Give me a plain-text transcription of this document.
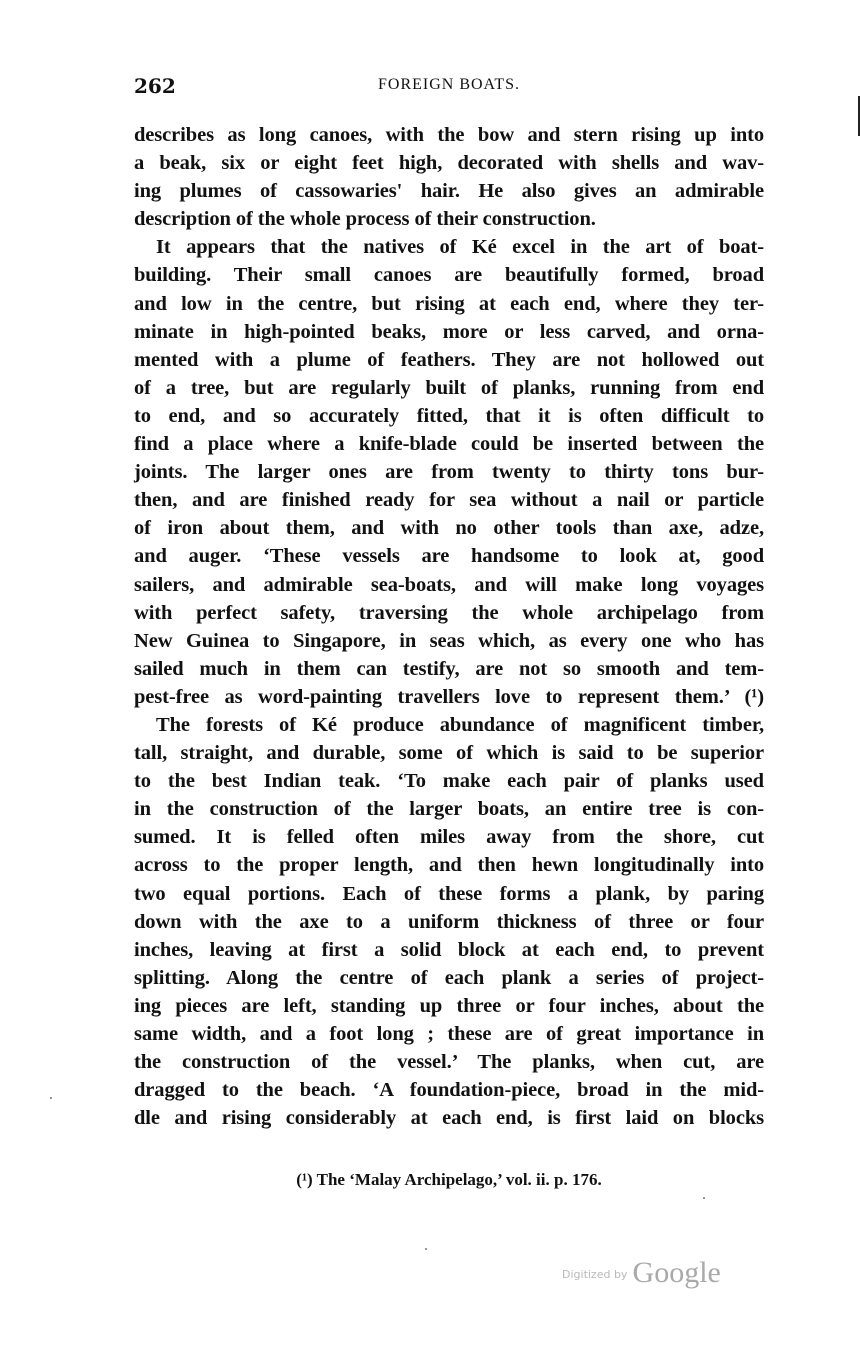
262	FOREIGN BOATS.
describes as long canoes, with the bow and stern rising up into
a beak, six or eight feet high, decorated with shells and wav-
ing plumes of cassowaries' hair. He also gives an admirable
description of the whole process of their construction.
It appears that the natives of Ké excel in the art of boat-
building. Their small canoes are beautifully formed, broad
and low in the centre, but rising at each end, where they ter-
minate in high-pointed beaks, more or less carved, and orna-
mented with a plume of feathers. They are not hollowed out
of a tree, but are regularly built of planks, running from end
to end, and so accurately fitted, that it is often difficult to
find a place where a knife-blade could be inserted between the
joints. The larger ones are from twenty to thirty tons bur-
then, and are finished ready for sea without a nail or particle
of iron about them, and with no other tools than axe, adze,
and auger. ‘These vessels are handsome to look at, good
sailers, and admirable sea-boats, and will make long voyages
with perfect safety, traversing the whole archipelago from
New Guinea to Singapore, in seas which, as every one who has
sailed much in them can testify, are not so smooth and tem-
pest-free as word-painting travellers love to represent them.’ (¹)
The forests of Ké produce abundance of magnificent timber,
tall, straight, and durable, some of which is said to be superior
to the best Indian teak. ‘To make each pair of planks used
in the construction of the larger boats, an entire tree is con-
sumed. It is felled often miles away from the shore, cut
across to the proper length, and then hewn longitudinally into
two equal portions. Each of these forms a plank, by paring
down with the axe to a uniform thickness of three or four
inches, leaving at first a solid block at each end, to prevent
splitting. Along the centre of each plank a series of project-
ing pieces are left, standing up three or four inches, about the
same width, and a foot long ; these are of great importance in
the construction of the vessel.’ The planks, when cut, are
dragged to the beach. ‘A foundation-piece, broad in the mid-
dle and rising considerably at each end, is first laid on blocks
(¹) The ‘Malay Archipelago,’ vol. ii. p. 176.
$^{Digitized by}$ Google
